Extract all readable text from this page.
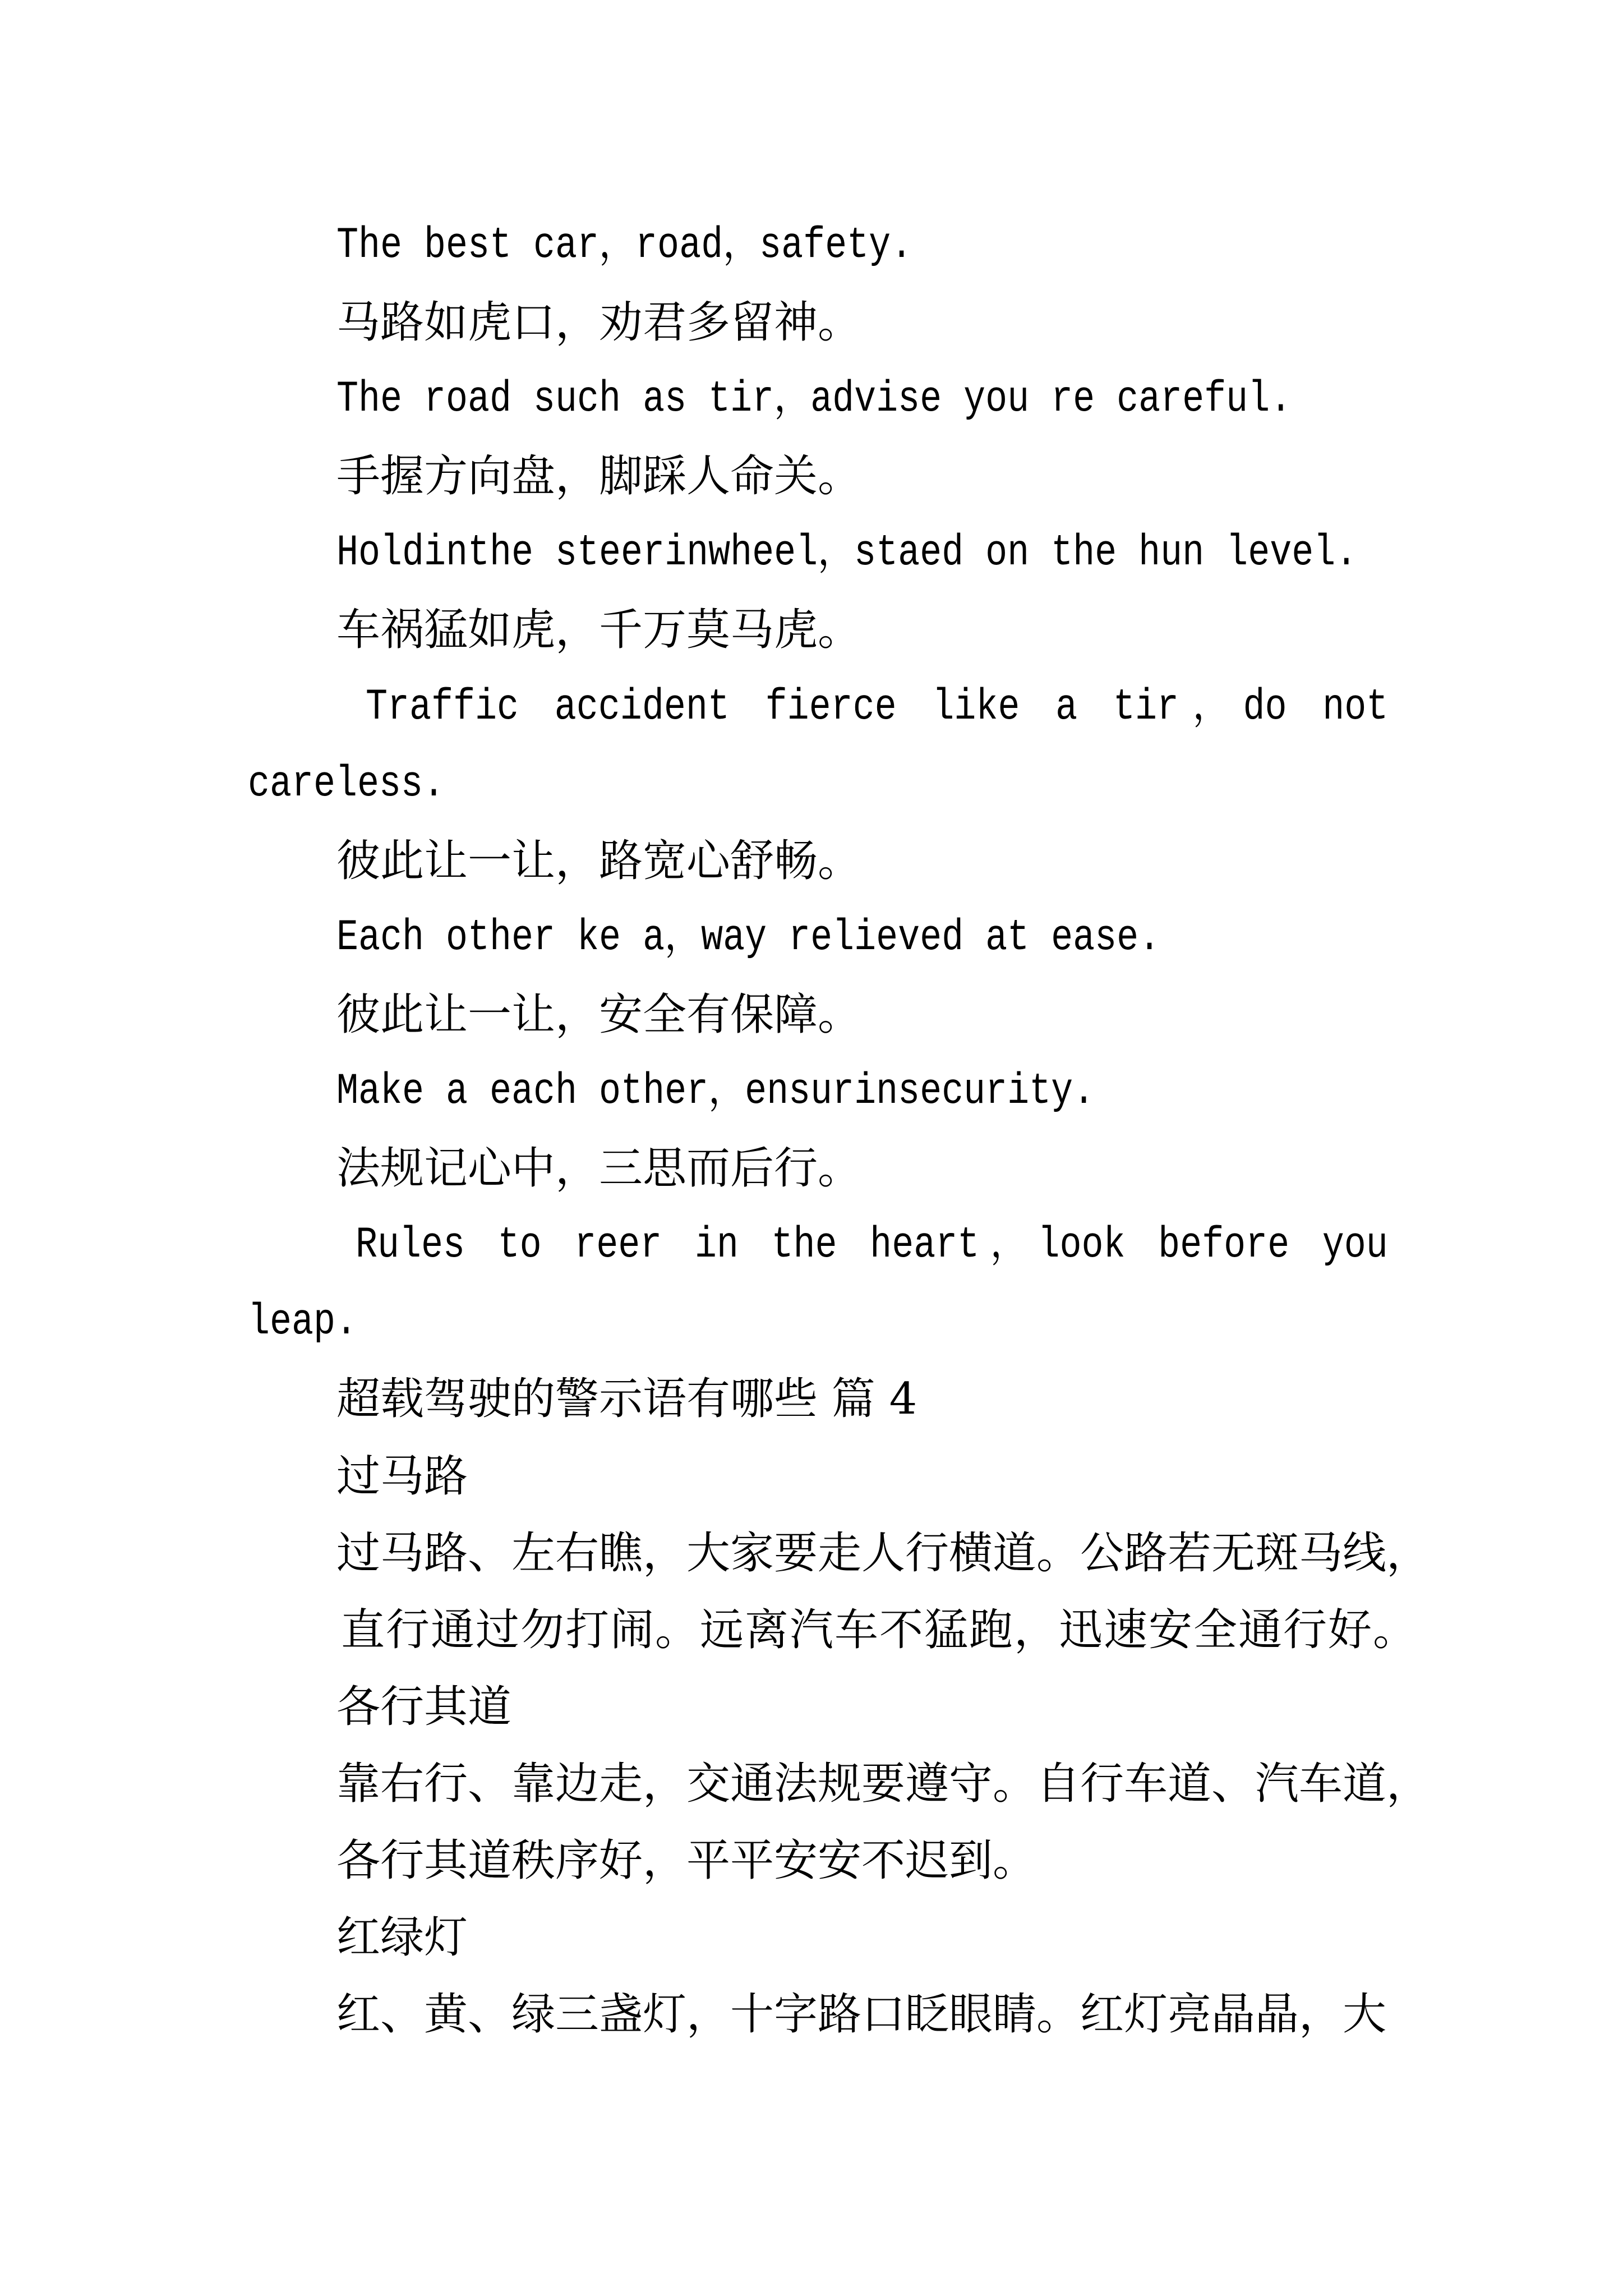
The best car，road，safety.
马路如虎口，劝君多留神。
The road such as tir，advise you re careful.
手握方向盘，脚踩人命关。
Holdinthe steerinwheel，staed on the hun level.
车祸猛如虎，千万莫马虎。
Traffic accident fierce like a tir，do not
careless.
彼此让一让，路宽心舒畅。
Each other ke a，way relieved at ease.
彼此让一让，安全有保障。
Make a each other，ensurinsecurity.
法规记心中，三思而后行。
Rules to reer in the heart，look before you
leap.
超载驾驶的警示语有哪些 篇 4
过马路
过马路、左右瞧，大家要走人行横道。公路若无斑马线，
直行通过勿打闹。远离汽车不猛跑，迅速安全通行好。
各行其道
靠右行、靠边走，交通法规要遵守。自行车道、汽车道，
各行其道秩序好，平平安安不迟到。
红绿灯
红、黄、绿三盏灯，十字路口眨眼睛。红灯亮晶晶，大
